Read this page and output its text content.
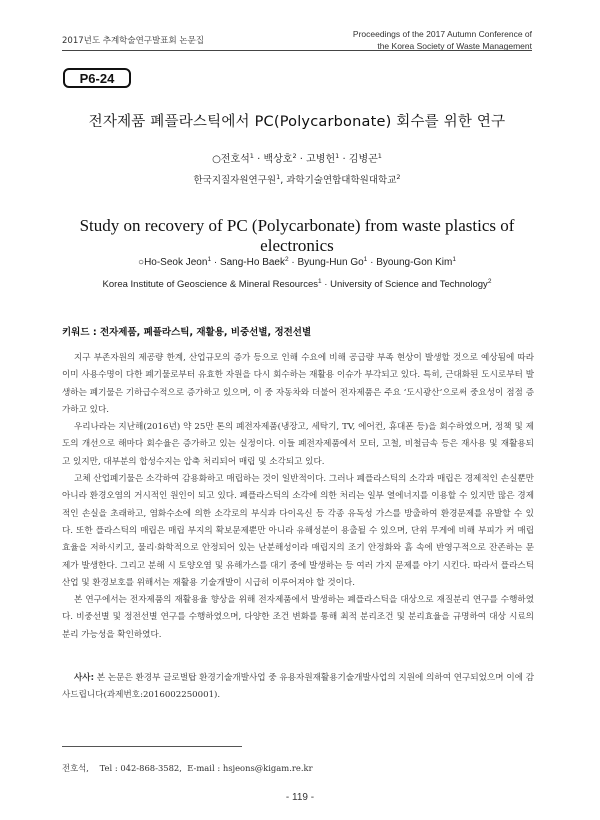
2017년도 추계학술연구발표회 논문집
Proceedings of the 2017 Autumn Conference of
the Korea Society of Waste Management
P6-24
전자제품 폐플라스틱에서 PC(Polycarbonate) 회수를 위한 연구
○전호석$^1$ · 백상호$^2$ · 고병헌$^1$ · 김병곤$^1$
한국지질자원연구원$^1$, 과학기술연합대학원대학교$^2$
Study on recovery of PC (Polycarbonate) from waste plastics of electronics
○Ho-Seok Jeon$^1$ · Sang-Ho Baek$^2$ · Byung-Hun $Go^1$ · Byoung-Gon Kim$^1$
Korea Institute of Geoscience & Mineral Resources$^1$ · University of Science and Technology$^2$
키워드 : 전자제품, 폐플라스틱, 재활용, 비중선별, 정전선별

지구 부존자원의 제공량 한계, 산업규모의 증가 등으로 인해 수요에 비해 공급량 부족 현상이 발생할 것으로 예상됨에 따라 이미 사용수명이 다한 폐기물로부터 유효한 자원을 다시 회수하는 재활용 이슈가 부각되고 있다. 특히, 근대화된 도시로부터 발생하는 폐기물은 기하급수적으로 증가하고 있으며, 이 중 자동차와 더불어 전자제품은 주요 ‘도시광산’으로써 중요성이 점점 증가하고 있다.

우리나라는 지난해(2016년) 약 25만 톤의 폐전자제품(냉장고, 세탁기, TV, 에어컨, 휴대폰 등)을 회수하였으며, 정책 및 제도의 개선으로 해마다 회수율은 증가하고 있는 실정이다. 이들 폐전자제품에서 모터, 고철, 비철금속 등은 재사용 및 재활용되고 있지만, 대부분의 합성수지는 압축 처리되어 매립 및 소각되고 있다.

고체 산업폐기물은 소각하여 감용화하고 매립하는 것이 일반적이다. 그러나 폐플라스틱의 소각과 매립은 경제적인 손실뿐만 아니라 환경오염의 거시적인 원인이 되고 있다. 폐플라스틱의 소각에 의한 처리는 일부 열에너지를 이용할 수 있지만 많은 경제적인 손실을 초래하고, 염화수소에 의한 소각로의 부식과 다이옥신 등 각종 유독성 가스를 방출하여 환경문제를 유발할 수 있다. 또한 플라스틱의 매립은 매립 부지의 확보문제뿐만 아니라 유해성분이 용출될 수 있으며, 단위 무게에 비해 부피가 커 매립효율을 저하시키고, 물리·화학적으로 안정되어 있는 난분해성이라 매립지의 조기 안정화와 흙 속에 반영구적으로 잔존하는 문제가 발생한다. 그리고 분해 시 토양오염 및 유해가스를 대기 중에 발생하는 등 여러 가지 문제를 야기 시킨다. 따라서 플라스틱 산업 및 환경보호를 위해서는 재활용 기술개발이 시급히 이루어져야 할 것이다.

본 연구에서는 전자제품의 재활용율 향상을 위해 전자제품에서 발생하는 폐플라스틱을 대상으로 재질분리 연구를 수행하였다. 비중선별 및 정전선별 연구를 수행하였으며, 다양한 조건 변화를 통해 최적 분리조건 및 분리효율을 규명하여 대상 시료의 분리 가능성을 확인하였다.

사사: 본 논문은 환경부 글로벌탑 환경기술개발사업 중 유용자원재활용기술개발사업의 지원에 의하여 연구되었으며 이에 감사드립니다(과제번호:2016002250001).

전호석, Tel : 042-868-3582,  E-mail : hsjeons@kigam.re.kr
- 119 -
